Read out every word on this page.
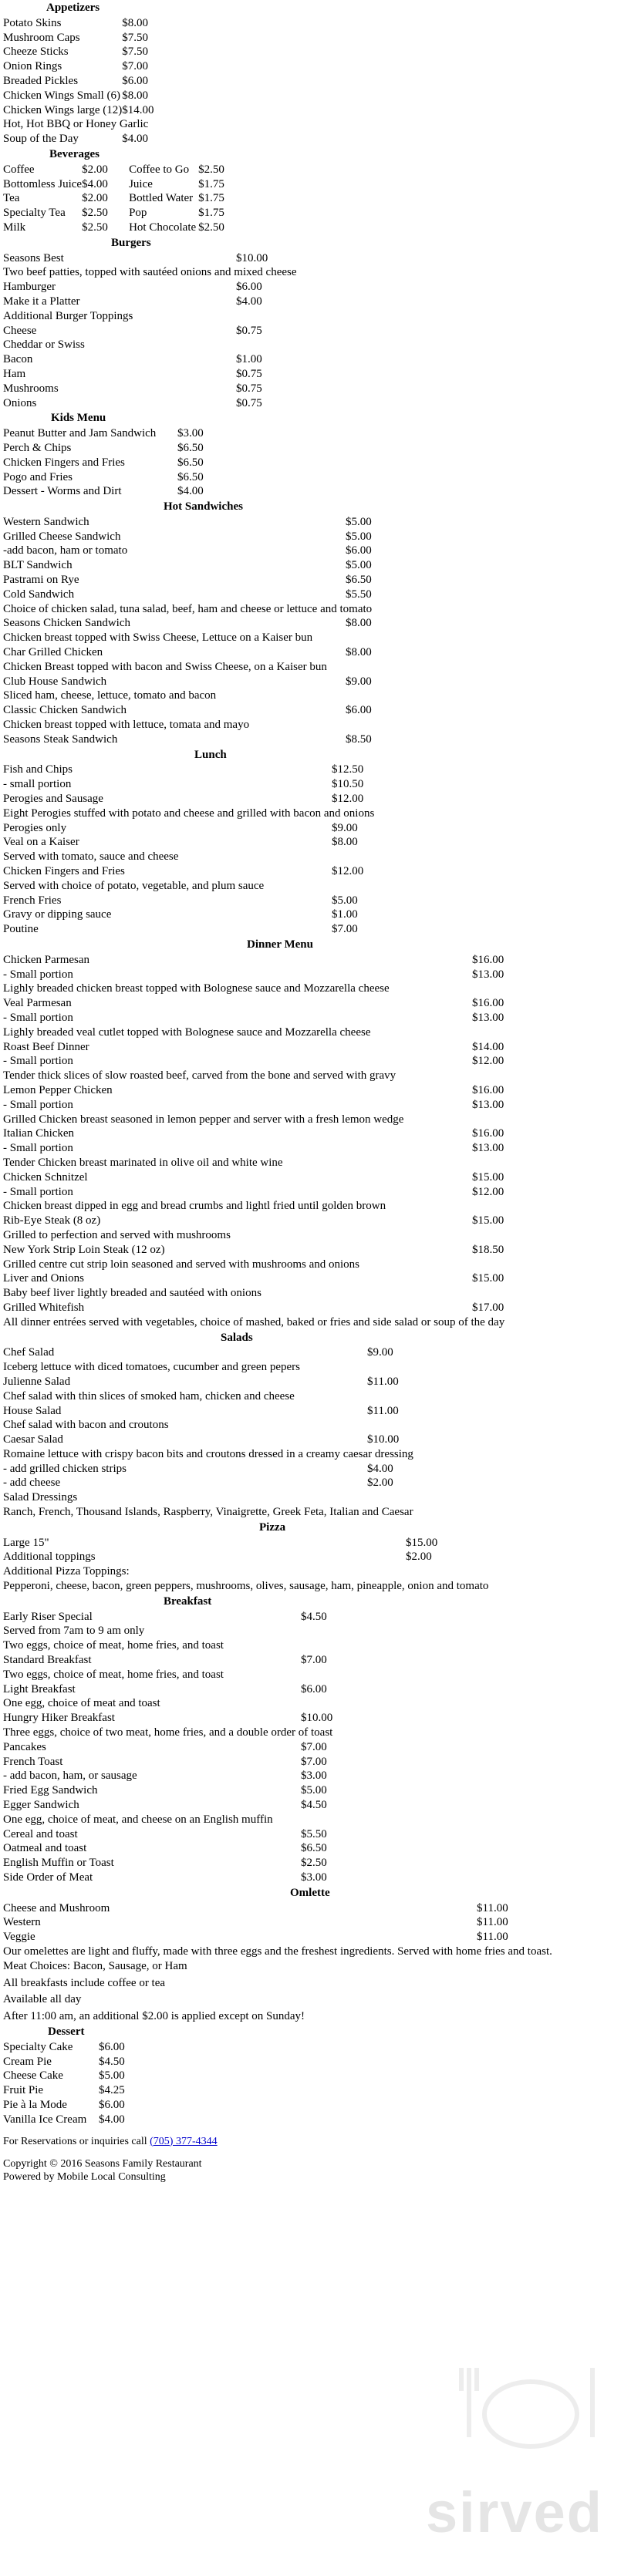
Appetizers
Potato Skins	$8.00
Mushroom Caps	$7.50
Cheeze Sticks	$7.50
Onion Rings	$7.00
Breaded Pickles	$6.00
Chicken Wings Small (6)	$8.00
Chicken Wings large (12)	$14.00
Hot, Hot BBQ or Honey Garlic	
Soup of the Day	$4.00
Beverages
Coffee	$2.00	Coffee to Go	$2.50
Bottomless Juice	$4.00	Juice	$1.75
Tea	$2.00	Bottled Water	$1.75
Specialty Tea	$2.50	Pop	$1.75
Milk	$2.50	Hot Chocolate	$2.50
Burgers
Seasons Best	$10.00
Two beef patties, topped with sautéed onions and mixed cheese	
Hamburger	$6.00
Make it a Platter	$4.00
Additional Burger Toppings	
Cheese	$0.75
Cheddar or Swiss	
Bacon	$1.00
Ham	$0.75
Mushrooms	$0.75
Onions	$0.75
Kids Menu
Peanut Butter and Jam Sandwich	$3.00
Perch & Chips	$6.50
Chicken Fingers and Fries	$6.50
Pogo and Fries	$6.50
Dessert - Worms and Dirt	$4.00
Hot Sandwiches
Western Sandwich	$5.00
Grilled Cheese Sandwich	$5.00
-add bacon, ham or tomato	$6.00
BLT Sandwich	$5.00
Pastrami on Rye	$6.50
Cold Sandwich	$5.50
Choice of chicken salad, tuna salad, beef, ham and cheese or lettuce and tomato	
Seasons Chicken Sandwich	$8.00
Chicken breast topped with Swiss Cheese, Lettuce on a Kaiser bun	
Char Grilled Chicken	$8.00
Chicken Breast topped with bacon and Swiss Cheese, on a Kaiser bun	
Club House Sandwich	$9.00
Sliced ham, cheese, lettuce, tomato and bacon	
Classic Chicken Sandwich	$6.00
Chicken breast topped with lettuce, tomata and mayo	
Seasons Steak Sandwich	$8.50
Lunch
Fish and Chips	$12.50
- small portion	$10.50
Perogies and Sausage	$12.00
Eight Perogies stuffed with potato and cheese and grilled with bacon and onions	
Perogies only	$9.00
Veal on a Kaiser	$8.00
Served with tomato, sauce and cheese	
Chicken Fingers and Fries	$12.00
Served with choice of potato, vegetable, and plum sauce	
French Fries	$5.00
Gravy or dipping sauce	$1.00
Poutine	$7.00
Dinner Menu
Chicken Parmesan	$16.00
- Small portion	$13.00
Lighly breaded chicken breast topped with Bolognese sauce and Mozzarella cheese	
Veal Parmesan	$16.00
- Small portion	$13.00
Lighly breaded veal cutlet topped with Bolognese sauce and Mozzarella cheese	
Roast Beef Dinner	$14.00
- Small portion	$12.00
Tender thick slices of slow roasted beef, carved from the bone and served with gravy	
Lemon Pepper Chicken	$16.00
- Small portion	$13.00
Grilled Chicken breast seasoned in lemon pepper and server with a fresh lemon wedge	
Italian Chicken	$16.00
- Small portion	$13.00
Tender Chicken breast marinated in olive oil and white wine	
Chicken Schnitzel	$15.00
- Small portion	$12.00
Chicken breast dipped in egg and bread crumbs and lightl fried until golden brown	
Rib-Eye Steak (8 oz)	$15.00
Grilled to perfection and served with mushrooms	
New York Strip Loin Steak (12 oz)	$18.50
Grilled centre cut strip loin seasoned and served with mushrooms and onions	
Liver and Onions	$15.00
Baby beef liver lightly breaded and sautéed with onions	
Grilled Whitefish	$17.00
All dinner entrées served with vegetables, choice of mashed, baked or fries and side salad or soup of the day	
Salads
Chef Salad	$9.00
Iceberg lettuce with diced tomatoes, cucumber and green pepers	
Julienne Salad	$11.00
Chef salad with thin slices of smoked ham, chicken and cheese	
House Salad	$11.00
Chef salad with bacon and croutons	
Caesar Salad	$10.00
Romaine lettuce with crispy bacon bits and croutons dressed in a creamy caesar dressing	
- add grilled chicken strips	$4.00
- add cheese	$2.00
Salad Dressings	
Ranch, French, Thousand Islands, Raspberry, Vinaigrette, Greek Feta, Italian and Caesar	
Pizza
Large 15"	$15.00
Additional toppings	$2.00
Additional Pizza Toppings:	
Pepperoni, cheese, bacon, green peppers, mushrooms, olives, sausage, ham, pineapple, onion and tomato	
Breakfast
Early Riser Special	$4.50
Served from 7am to 9 am only	
Two eggs, choice of meat, home fries, and toast	
Standard Breakfast	$7.00
Two eggs, choice of meat, home fries, and toast	
Light Breakfast	$6.00
One egg, choice of meat and toast	
Hungry Hiker Breakfast	$10.00
Three eggs, choice of two meat, home fries, and a double order of toast	
Pancakes	$7.00
French Toast	$7.00
- add bacon, ham, or sausage	$3.00
Fried Egg Sandwich	$5.00
Egger Sandwich	$4.50
One egg, choice of meat, and cheese on an English muffin	
Cereal and toast	$5.50
Oatmeal and toast	$6.50
English Muffin or Toast	$2.50
Side Order of Meat	$3.00
Omlette
Cheese and Mushroom	$11.00
Western	$11.00
Veggie	$11.00
Our omelettes are light and fluffy, made with three eggs and the freshest ingredients. Served with home fries and toast.	
Meat Choices: Bacon, Sausage, or Ham	
All breakfasts include coffee or tea
Available all day
After 11:00 am, an additional $2.00 is applied except on Sunday!
Dessert
Specialty Cake	$6.00
Cream Pie	$4.50
Cheese Cake	$5.00
Fruit Pie	$4.25
Pie à la Mode	$6.00
Vanilla Ice Cream	$4.00
For Reservations or inquiries call (705) 377-4344
Copyright © 2016 Seasons Family Restaurant
Powered by Mobile Local Consulting
sirved
